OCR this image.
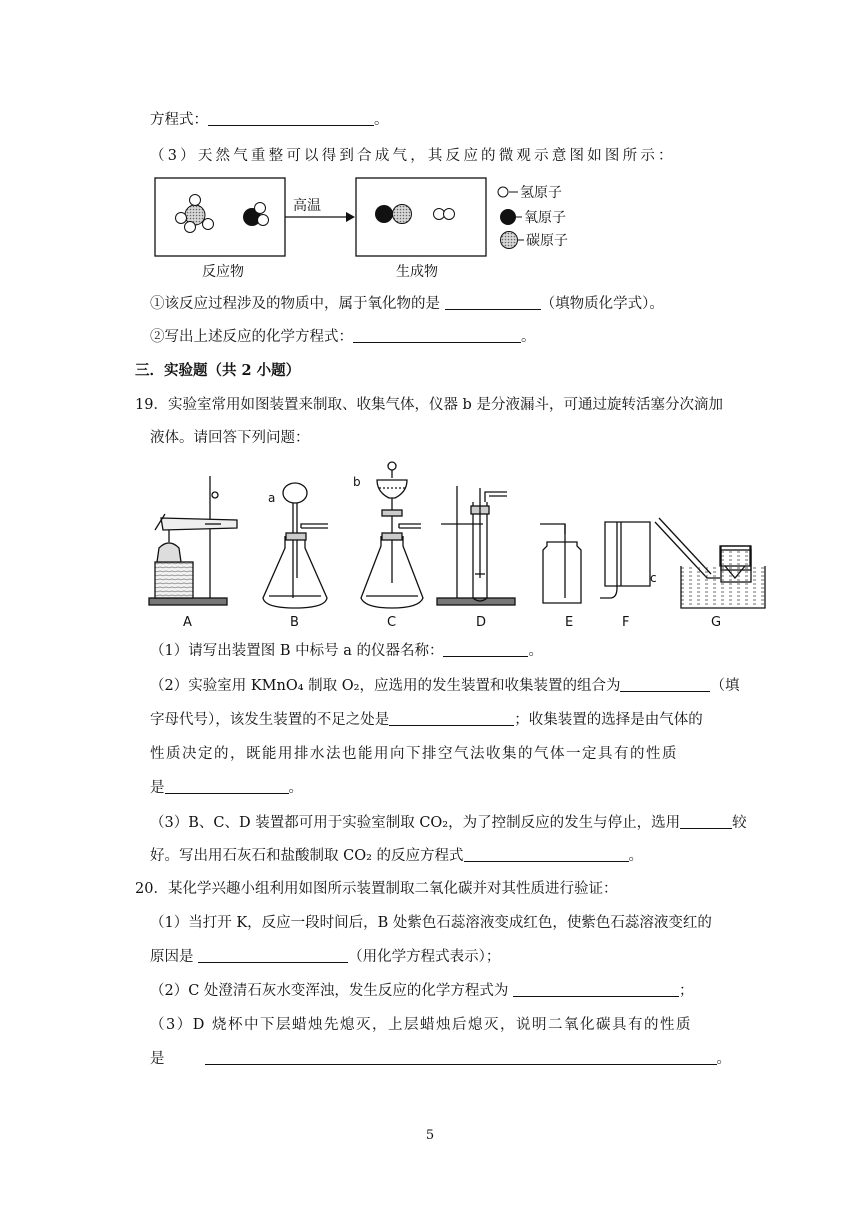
方程式：	。
（3）天然气重整可以得到合成气，其反应的微观示意图如图所示：
高温
氢原子
氧原子
碳原子
反应物	生成物
①该反应过程涉及的物质中，属于氧化物的是	（填物质化学式）。
②写出上述反应的化学方程式：	。
三．实验题（共 2 小题）
19．实验室常用如图装置来制取、收集气体，仪器 b 是分液漏斗，可通过旋转活塞分次滴加
液体。请回答下列问题：
a
b
c
A	B	C	D	E	F	G
（1）请写出装置图 B 中标号 a 的仪器名称：	。
（2）实验室用 KMnO₄ 制取 O₂，应选用的发生装置和收集装置的组合为	（填
字母代号），该发生装置的不足之处是	；收集装置的选择是由气体的
性质决定的，既能用排水法也能用向下排空气法收集的气体一定具有的性质
是	。
（3）B、C、D 装置都可用于实验室制取 CO₂，为了控制反应的发生与停止，选用	较
好。写出用石灰石和盐酸制取 CO₂ 的反应方程式	。
20．某化学兴趣小组利用如图所示装置制取二氧化碳并对其性质进行验证：
（1）当打开 K，反应一段时间后，B 处紫色石蕊溶液变成红色，使紫色石蕊溶液变红的
原因是	（用化学方程式表示）；
（2）C 处澄清石灰水变浑浊，发生反应的化学方程式为	；
（3）D 烧杯中下层蜡烛先熄灭，上层蜡烛后熄灭，说明二氧化碳具有的性质
是	。
5
